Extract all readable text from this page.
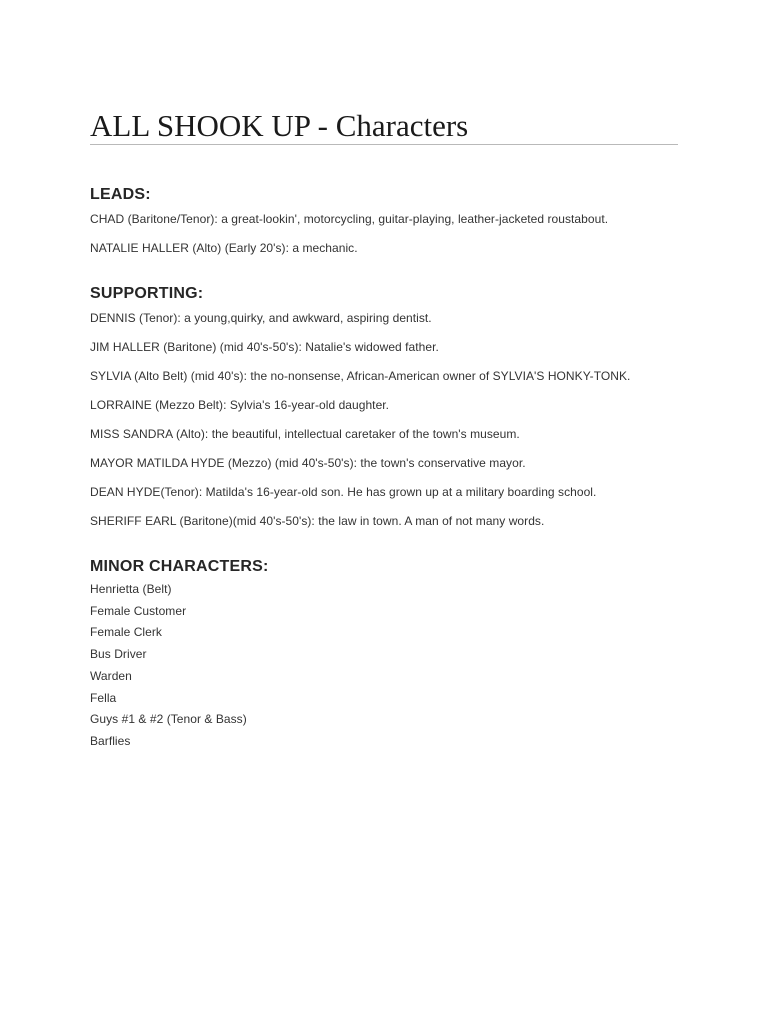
ALL SHOOK UP - Characters
LEADS:

CHAD (Baritone/Tenor): a great-lookin', motorcycling, guitar-playing, leather-jacketed roustabout.

NATALIE HALLER (Alto) (Early 20's): a mechanic.

SUPPORTING:

DENNIS (Tenor): a young,quirky, and awkward, aspiring dentist.

JIM HALLER (Baritone) (mid 40's-50's): Natalie's widowed father.

SYLVIA (Alto Belt) (mid 40's): the no-nonsense, African-American owner of SYLVIA'S HONKY-TONK.

LORRAINE (Mezzo Belt): Sylvia's 16-year-old daughter.

MISS SANDRA (Alto): the beautiful, intellectual caretaker of the town's museum.

MAYOR MATILDA HYDE (Mezzo) (mid 40's-50's): the town's conservative mayor.

DEAN HYDE(Tenor): Matilda's 16-year-old son. He has grown up at a military boarding school.

SHERIFF EARL (Baritone)(mid 40's-50's): the law in town. A man of not many words.

MINOR CHARACTERS:

Henrietta (Belt)

Female Customer

Female Clerk

Bus Driver

Warden

Fella

Guys #1 & #2 (Tenor & Bass)

Barflies
